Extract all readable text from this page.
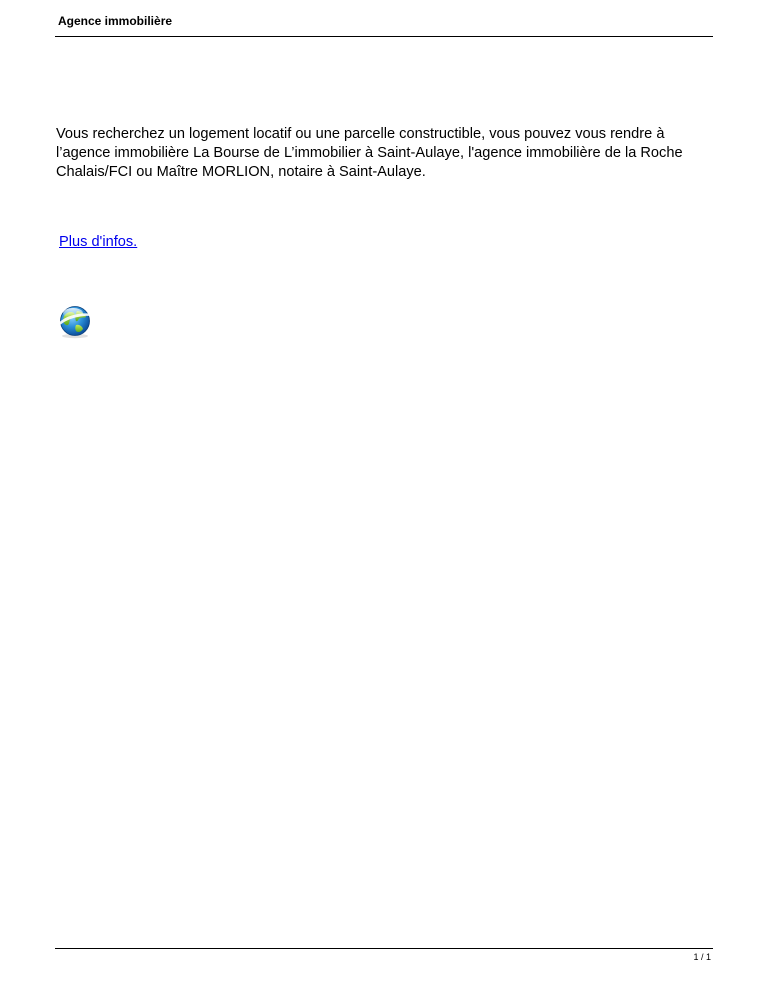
Agence immobilière
Vous recherchez un logement locatif ou une parcelle constructible, vous pouvez vous rendre à l’agence immobilière La Bourse de L’immobilier à Saint-Aulaye, l'agence immobilière de la Roche Chalais/FCI ou Maître MORLION, notaire à Saint-Aulaye.
Plus d'infos.
1 / 1
